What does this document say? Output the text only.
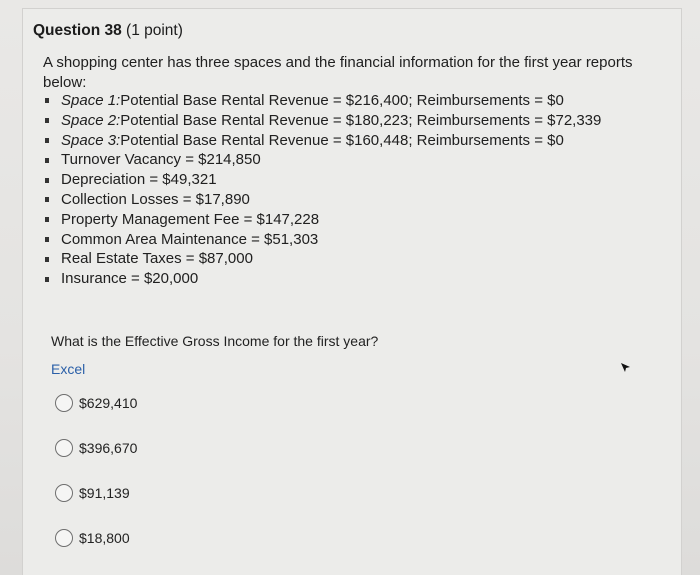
Question 38 (1 point)
A shopping center has three spaces and the financial information for the first year reports below:
Space 1: Potential Base Rental Revenue = $216,400; Reimbursements = $0
Space 2: Potential Base Rental Revenue = $180,223; Reimbursements = $72,339
Space 3: Potential Base Rental Revenue = $160,448; Reimbursements = $0
Turnover Vacancy = $214,850
Depreciation = $49,321
Collection Losses = $17,890
Property Management Fee = $147,228
Common Area Maintenance = $51,303
Real Estate Taxes = $87,000
Insurance = $20,000
What is the Effective Gross Income for the first year?
Excel
$629,410
$396,670
$91,139
$18,800
